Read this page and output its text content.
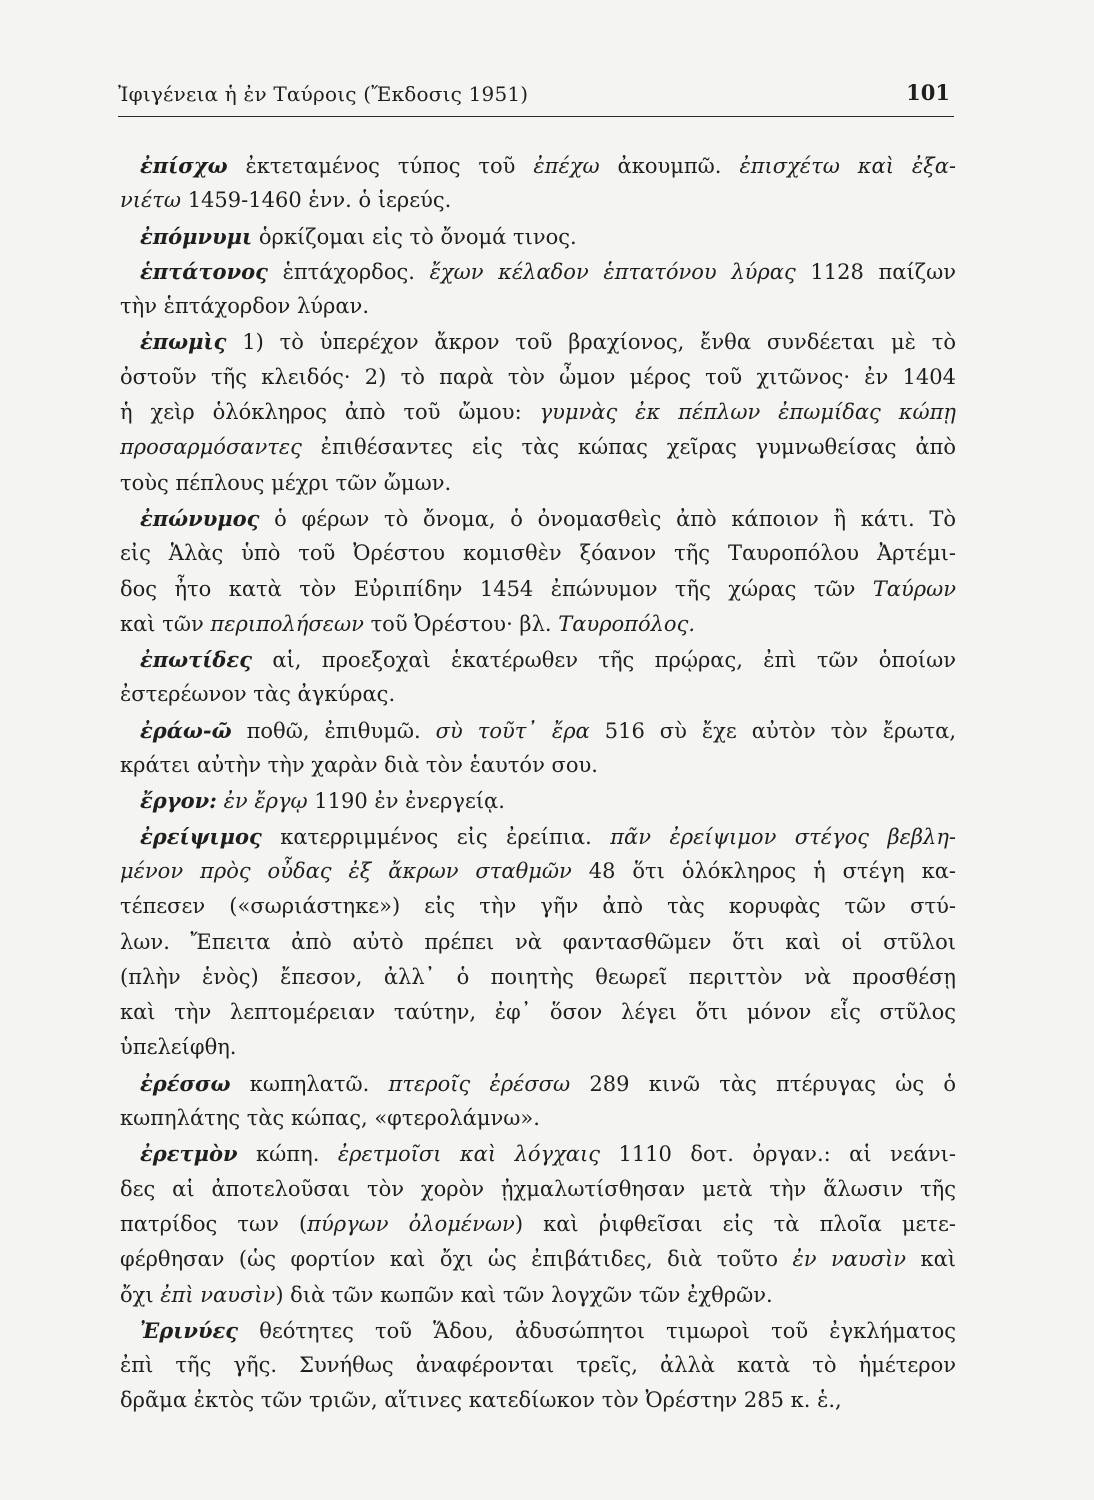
Ἰφιγένεια ἡ ἐν Ταύροις (Ἔκδοσις 1951)	101
ἐπίσχω ἐκτεταμένος τύπος τοῦ ἐπέχω ἀκουμπῶ. ἐπισχέτω καὶ ἐξα-
νιέτω 1459-1460 ἑνν. ὁ ἱερεύς.
ἐπόμνυμι ὁρκίζομαι εἰς τὸ ὄνομά τινος.
ἑπτάτονος ἑπτάχορδος. ἔχων κέλαδον ἑπτατόνου λύρας 1128 παίζων
τὴν ἑπτάχορδον λύραν.
ἐπωμὶς 1) τὸ ὑπερέχον ἄκρον τοῦ βραχίονος, ἔνθα συνδέεται μὲ τὸ
ὀστοῦν τῆς κλειδός· 2) τὸ παρὰ τὸν ὦμον μέρος τοῦ χιτῶνος· ἐν 1404
ἡ χεὶρ ὁλόκληρος ἀπὸ τοῦ ὤμου: γυμνὰς ἐκ πέπλων ἐπωμίδας κώπῃ
προσαρμόσαντες ἐπιθέσαντες εἰς τὰς κώπας χεῖρας γυμνωθείσας ἀπὸ
τοὺς πέπλους μέχρι τῶν ὤμων.
ἐπώνυμος ὁ φέρων τὸ ὄνομα, ὁ ὀνομασθεὶς ἀπὸ κάποιον ἢ κάτι. Τὸ
εἰς Ἁλὰς ὑπὸ τοῦ Ὀρέστου κομισθὲν ξόανον τῆς Ταυροπόλου Ἀρτέμι-
δος ἦτο κατὰ τὸν Εὐριπίδην 1454 ἐπώνυμον τῆς χώρας τῶν Ταύρων
καὶ τῶν περιπολήσεων τοῦ Ὀρέστου· βλ. Ταυροπόλος.
ἐπωτίδες αἱ, προεξοχαὶ ἑκατέρωθεν τῆς πρῴρας, ἐπὶ τῶν ὁποίων
ἐστερέωνον τὰς ἀγκύρας.
ἐράω-ῶ ποθῶ, ἐπιθυμῶ. σὺ τοῦτ᾽ ἔρα 516 σὺ ἔχε αὐτὸν τὸν ἔρωτα,
κράτει αὐτὴν τὴν χαρὰν διὰ τὸν ἑαυτόν σου.
ἔργον: ἐν ἔργῳ 1190 ἐν ἐνεργείᾳ.
ἐρείψιμος κατερριμμένος εἰς ἐρείπια. πᾶν ἐρείψιμον στέγος βεβλη-
μένον πρὸς οὖδας ἐξ ἄκρων σταθμῶν 48 ὅτι ὁλόκληρος ἡ στέγη κα-
τέπεσεν («σωριάστηκε») εἰς τὴν γῆν ἀπὸ τὰς κορυφὰς τῶν στύ-
λων. Ἔπειτα ἀπὸ αὐτὸ πρέπει νὰ φαντασθῶμεν ὅτι καὶ οἱ στῦλοι
(πλὴν ἑνὸς) ἔπεσον, ἀλλ᾽ ὁ ποιητὴς θεωρεῖ περιττὸν νὰ προσθέσῃ
καὶ τὴν λεπτομέρειαν ταύτην, ἐφ᾽ ὅσον λέγει ὅτι μόνον εἷς στῦλος
ὑπελείφθη.
ἐρέσσω κωπηλατῶ. πτεροῖς ἐρέσσω 289 κινῶ τὰς πτέρυγας ὡς ὁ
κωπηλάτης τὰς κώπας, «φτερολάμνω».
ἐρετμὸν κώπη. ἐρετμοῖσι καὶ λόγχαις 1110 δοτ. ὀργαν.: αἱ νεάνι-
δες αἱ ἀποτελοῦσαι τὸν χορὸν ᾐχμαλωτίσθησαν μετὰ τὴν ἅλωσιν τῆς
πατρίδος των (πύργων ὀλομένων) καὶ ῥιφθεῖσαι εἰς τὰ πλοῖα μετε-
φέρθησαν (ὡς φορτίον καὶ ὄχι ὡς ἐπιβάτιδες, διὰ τοῦτο ἐν ναυσὶν καὶ
ὄχι ἐπὶ ναυσὶν) διὰ τῶν κωπῶν καὶ τῶν λογχῶν τῶν ἐχθρῶν.
Ἐρινύες θεότητες τοῦ Ἅδου, ἀδυσώπητοι τιμωροὶ τοῦ ἐγκλήματος
ἐπὶ τῆς γῆς. Συνήθως ἀναφέρονται τρεῖς, ἀλλὰ κατὰ τὸ ἡμέτερον
δρᾶμα ἐκτὸς τῶν τριῶν, αἵτινες κατεδίωκον τὸν Ὀρέστην 285 κ. ἑ.,
